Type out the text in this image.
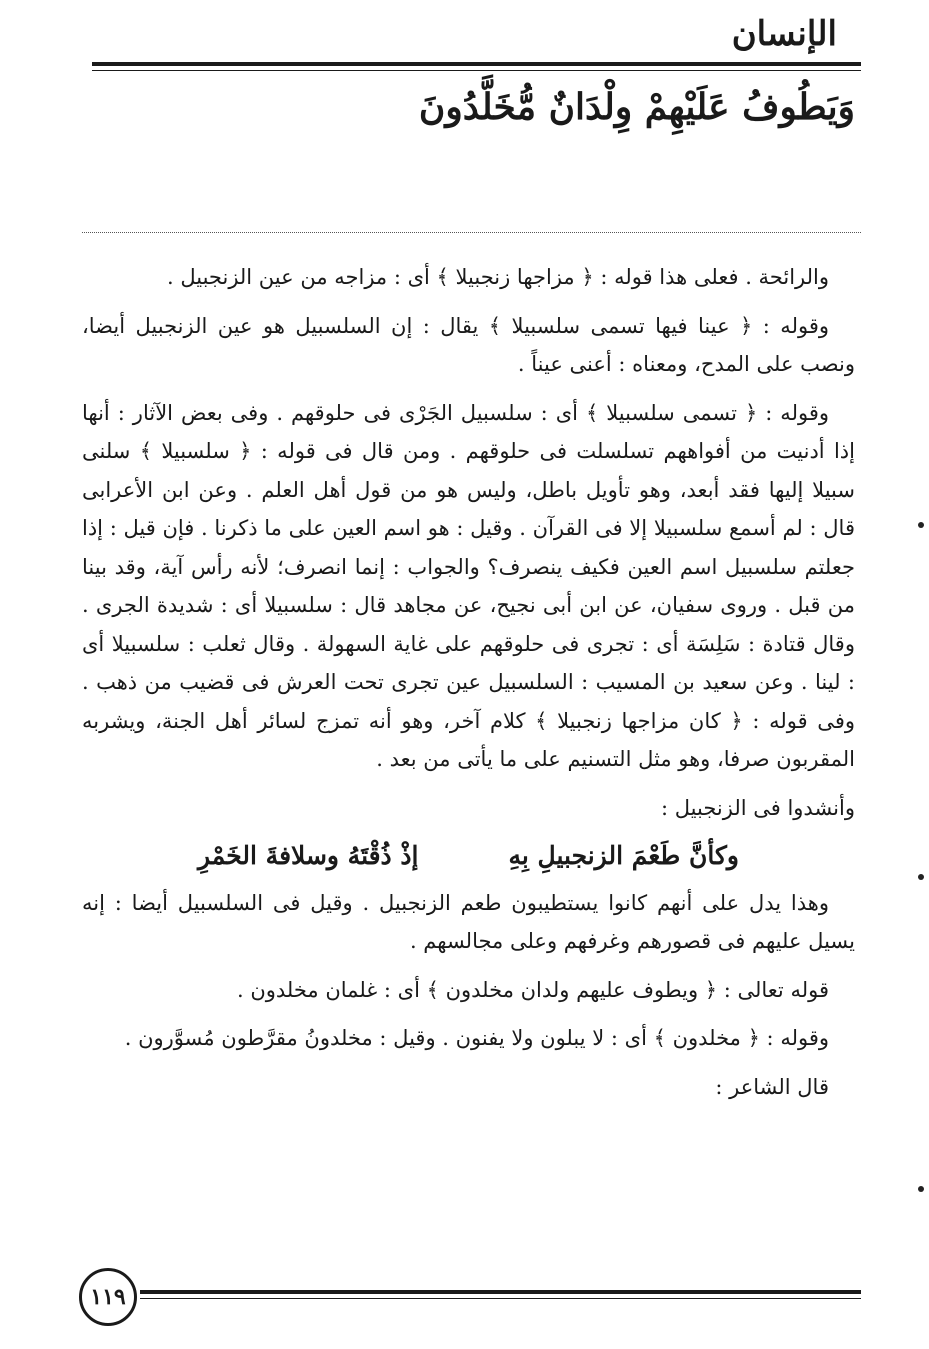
الإنسان
وَيَطُوفُ عَلَيْهِمْ وِلْدَانٌ مُّخَلَّدُونَ

والرائحة . فعلى هذا قوله : ﴿ مزاجها زنجبيلا ﴾ أى : مزاجه من عين الزنجبيل .

وقوله : ﴿ عينا فيها تسمى سلسبيلا ﴾ يقال : إن السلسبيل هو عين الزنجبيل أيضا، ونصب على المدح، ومعناه : أعنى عيناً .

وقوله : ﴿ تسمى سلسبيلا ﴾ أى : سلسبيل الجَرْى فى حلوقهم . وفى بعض الآثار : أنها إذا أدنيت من أفواههم تسلسلت فى حلوقهم . ومن قال فى قوله : ﴿ سلسبيلا ﴾ سلنى سبيلا إليها فقد أبعد، وهو تأويل باطل، وليس هو من قول أهل العلم . وعن ابن الأعرابى قال : لم أسمع سلسبيلا إلا فى القرآن . وقيل : هو اسم العين على ما ذكرنا . فإن قيل : إذا جعلتم سلسبيل اسم العين فكيف ينصرف؟ والجواب : إنما انصرف؛ لأنه رأس آية، وقد بينا من قبل . وروى سفيان، عن ابن أبى نجيح، عن مجاهد قال : سلسبيلا أى : شديدة الجرى . وقال قتادة : سَلِسَة أى : تجرى فى حلوقهم على غاية السهولة . وقال ثعلب : سلسبيلا أى : لينا . وعن سعيد بن المسيب : السلسبيل عين تجرى تحت العرش فى قضيب من ذهب . وفى قوله : ﴿ كان مزاجها زنجبيلا ﴾ كلام آخر، وهو أنه تمزج لسائر أهل الجنة، ويشربه المقربون صرفا، وهو مثل التسنيم على ما يأتى من بعد .

وأنشدوا فى الزنجبيل :

وكأنَّ طَعْمَ الزنجبيلِ بِهِ
إذْ ذُقْتَهُ وسلافةَ الخَمْرِ

وهذا يدل على أنهم كانوا يستطيبون طعم الزنجبيل . وقيل فى السلسبيل أيضا : إنه يسيل عليهم فى قصورهم وغرفهم وعلى مجالسهم .

قوله تعالى : ﴿ ويطوف عليهم ولدان مخلدون ﴾ أى : غلمان مخلدون .

وقوله : ﴿ مخلدون ﴾ أى : لا يبلون ولا يفنون . وقيل : مخلدونُ مقرَّطون مُسوَّرون .

قال الشاعر :

١١٩
